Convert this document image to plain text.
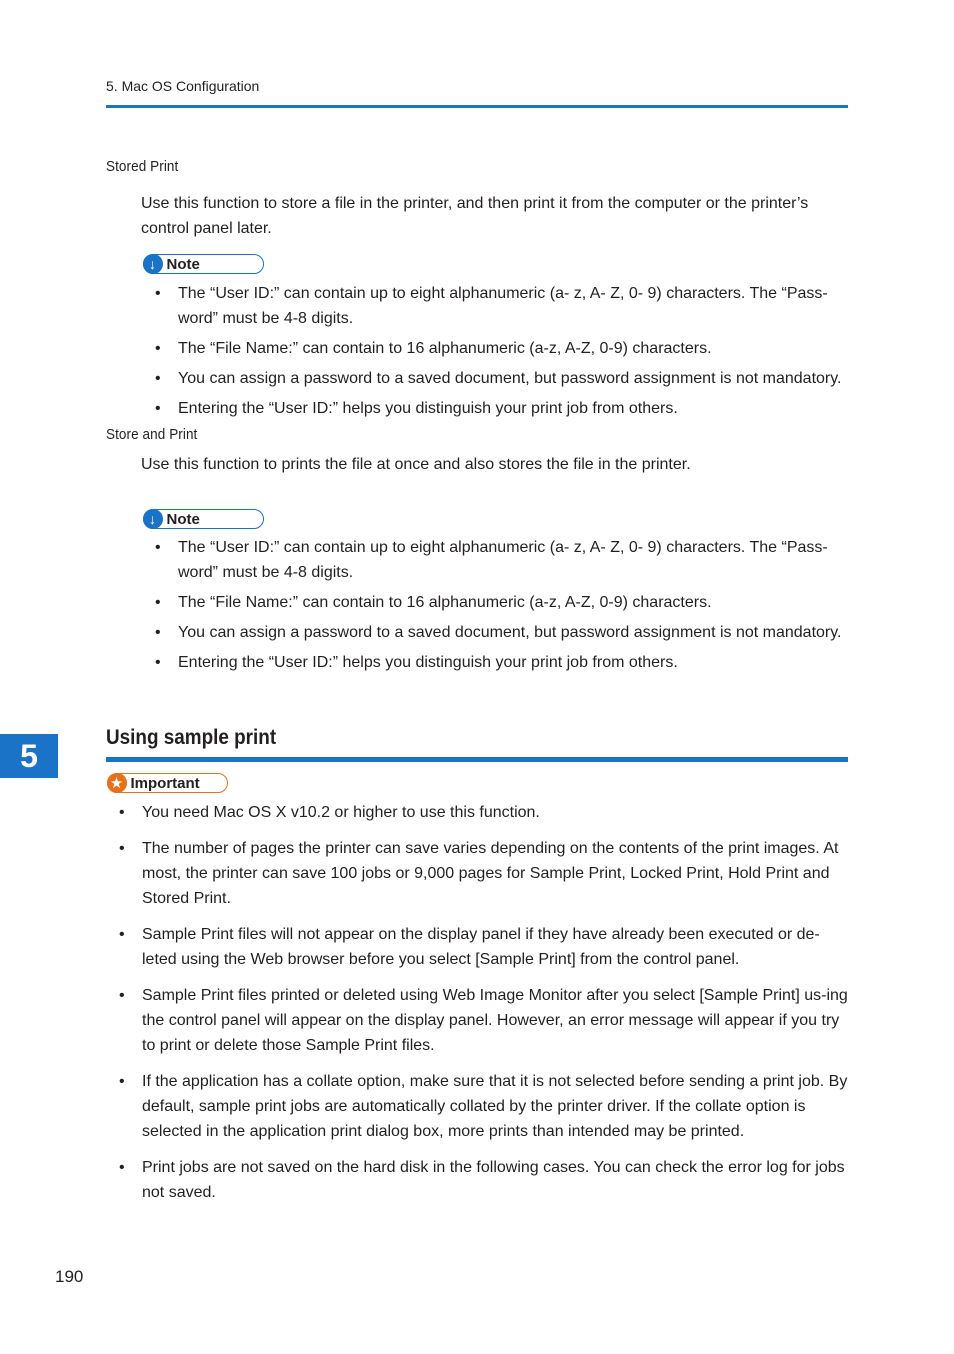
5. Mac OS Configuration
Stored Print
Use this function to store a file in the printer, and then print it from the computer or the printer’s control panel later.
↓ Note
• The “User ID:” can contain up to eight alphanumeric (a- z, A- Z, 0- 9) characters. The “Pass-word” must be 4-8 digits.
• The “File Name:” can contain to 16 alphanumeric (a-z, A-Z, 0-9) characters.
• You can assign a password to a saved document, but password assignment is not mandatory.
• Entering the “User ID:” helps you distinguish your print job from others.
Store and Print
Use this function to prints the file at once and also stores the file in the printer.
↓ Note
• The “User ID:” can contain up to eight alphanumeric (a- z, A- Z, 0- 9) characters. The “Pass-word” must be 4-8 digits.
• The “File Name:” can contain to 16 alphanumeric (a-z, A-Z, 0-9) characters.
• You can assign a password to a saved document, but password assignment is not mandatory.
• Entering the “User ID:” helps you distinguish your print job from others.
5	Using sample print
★ Important
• You need Mac OS X v10.2 or higher to use this function.
• The number of pages the printer can save varies depending on the contents of the print images. At most, the printer can save 100 jobs or 9,000 pages for Sample Print, Locked Print, Hold Print and Stored Print.
• Sample Print files will not appear on the display panel if they have already been executed or de-leted using the Web browser before you select [Sample Print] from the control panel.
• Sample Print files printed or deleted using Web Image Monitor after you select [Sample Print] us-ing the control panel will appear on the display panel. However, an error message will appear if you try to print or delete those Sample Print files.
• If the application has a collate option, make sure that it is not selected before sending a print job. By default, sample print jobs are automatically collated by the printer driver. If the collate option is selected in the application print dialog box, more prints than intended may be printed.
• Print jobs are not saved on the hard disk in the following cases. You can check the error log for jobs not saved.
190
